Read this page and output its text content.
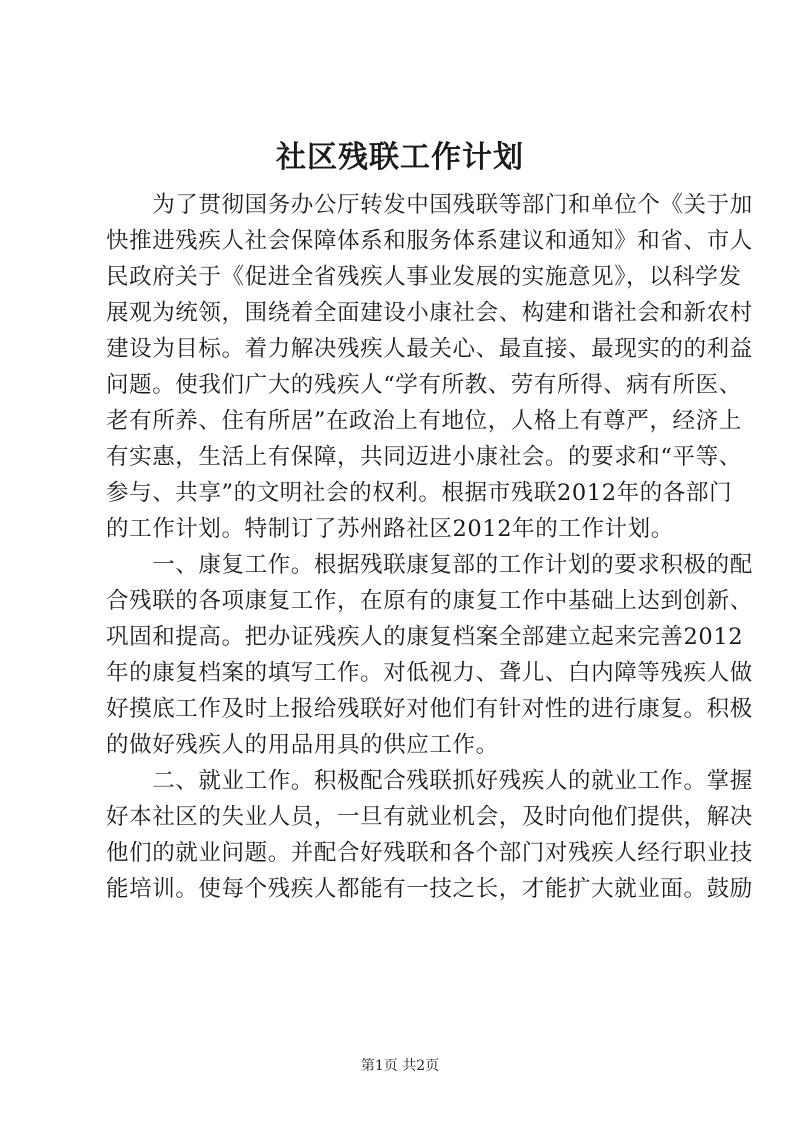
社区残联工作计划
　　为了贯彻国务办公厅转发中国残联等部门和单位个《关于加
快推进残疾人社会保障体系和服务体系建议和通知》和省、市人
民政府关于《促进全省残疾人事业发展的实施意见》，以科学发
展观为统领，围绕着全面建设小康社会、构建和谐社会和新农村
建设为目标。着力解决残疾人最关心、最直接、最现实的的利益
问题。使我们广大的残疾人“学有所教、劳有所得、病有所医、
老有所养、住有所居”在政治上有地位，人格上有尊严，经济上
有实惠，生活上有保障，共同迈进小康社会。的要求和“平等、
参与、共享”的文明社会的权利。根据市残联2012年的各部门
的工作计划。特制订了苏州路社区2012年的工作计划。
　　一、康复工作。根据残联康复部的工作计划的要求积极的配
合残联的各项康复工作，在原有的康复工作中基础上达到创新、
巩固和提高。把办证残疾人的康复档案全部建立起来完善2012
年的康复档案的填写工作。对低视力、聋儿、白内障等残疾人做
好摸底工作及时上报给残联好对他们有针对性的进行康复。积极
的做好残疾人的用品用具的供应工作。
　　二、就业工作。积极配合残联抓好残疾人的就业工作。掌握
好本社区的失业人员，一旦有就业机会，及时向他们提供，解决
他们的就业问题。并配合好残联和各个部门对残疾人经行职业技
能培训。使每个残疾人都能有一技之长，才能扩大就业面。鼓励
第1页 共2页
